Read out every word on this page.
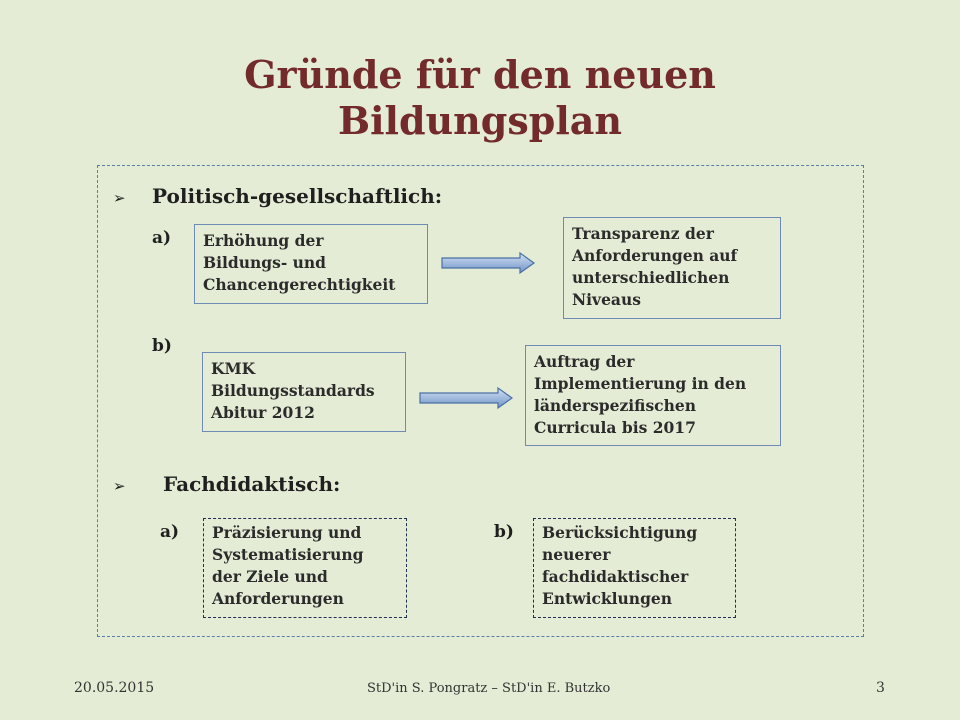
Gründe für den neuen
Bildungsplan
➢ Politisch-gesellschaftlich:
a) Erhöhung der
Bildungs- und
Chancengerechtigkeit
Transparenz der
Anforderungen auf
unterschiedlichen
Niveaus
b)
KMK
Bildungsstandards
Abitur 2012
Auftrag der
Implementierung in den
länderspezifischen
Curricula bis 2017
➢ Fachdidaktisch:
a) Präzisierung und
Systematisierung
der Ziele und
Anforderungen
b) Berücksichtigung
neuerer
fachdidaktischer
Entwicklungen
20.05.2015	StD'in S. Pongratz – StD'in E. Butzko	3
